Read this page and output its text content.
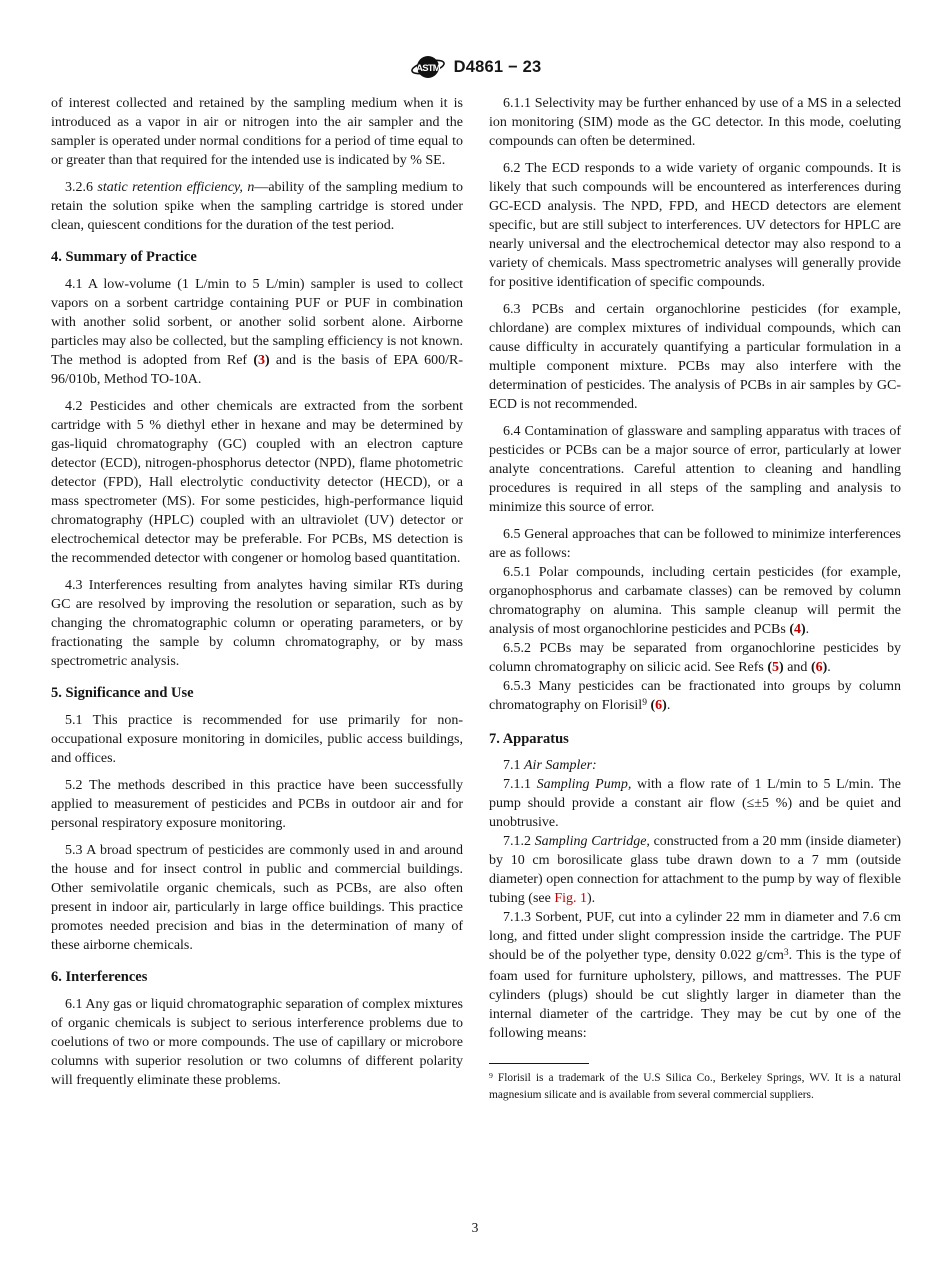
ASTM D4861 − 23

of interest collected and retained by the sampling medium when it is introduced as a vapor in air or nitrogen into the air sampler and the sampler is operated under normal conditions for a period of time equal to or greater than that required for the intended use is indicated by % SE.

3.2.6 static retention efficiency, n—ability of the sampling medium to retain the solution spike when the sampling cartridge is stored under clean, quiescent conditions for the duration of the test period.

4. Summary of Practice

4.1 A low-volume (1 L/min to 5 L/min) sampler is used to collect vapors on a sorbent cartridge containing PUF or PUF in combination with another solid sorbent, or another solid sorbent alone. Airborne particles may also be collected, but the sampling efficiency is not known. The method is adopted from Ref (3) and is the basis of EPA 600/R-96/010b, Method TO-10A.

4.2 Pesticides and other chemicals are extracted from the sorbent cartridge with 5 % diethyl ether in hexane and may be determined by gas-liquid chromatography (GC) coupled with an electron capture detector (ECD), nitrogen-phosphorus detector (NPD), flame photometric detector (FPD), Hall electrolytic conductivity detector (HECD), or a mass spectrometer (MS). For some pesticides, high-performance liquid chromatography (HPLC) coupled with an ultraviolet (UV) detector or electrochemical detector may be preferable. For PCBs, MS detection is the recommended detector with congener or homolog based quantitation.

4.3 Interferences resulting from analytes having similar RTs during GC are resolved by improving the resolution or separation, such as by changing the chromatographic column or operating parameters, or by fractionating the sample by column chromatography, or by mass spectrometric analysis.

5. Significance and Use

5.1 This practice is recommended for use primarily for non-occupational exposure monitoring in domiciles, public access buildings, and offices.

5.2 The methods described in this practice have been successfully applied to measurement of pesticides and PCBs in outdoor air and for personal respiratory exposure monitoring.

5.3 A broad spectrum of pesticides are commonly used in and around the house and for insect control in public and commercial buildings. Other semivolatile organic chemicals, such as PCBs, are also often present in indoor air, particularly in large office buildings. This practice promotes needed precision and bias in the determination of many of these airborne chemicals.

6. Interferences

6.1 Any gas or liquid chromatographic separation of complex mixtures of organic chemicals is subject to serious interference problems due to coelutions of two or more compounds. The use of capillary or microbore columns with superior resolution or two columns of different polarity will frequently eliminate these problems.

6.1.1 Selectivity may be further enhanced by use of a MS in a selected ion monitoring (SIM) mode as the GC detector. In this mode, coeluting compounds can often be determined.

6.2 The ECD responds to a wide variety of organic compounds. It is likely that such compounds will be encountered as interferences during GC-ECD analysis. The NPD, FPD, and HECD detectors are element specific, but are still subject to interferences. UV detectors for HPLC are nearly universal and the electrochemical detector may also respond to a variety of chemicals. Mass spectrometric analyses will generally provide for positive identification of specific compounds.

6.3 PCBs and certain organochlorine pesticides (for example, chlordane) are complex mixtures of individual compounds, which can cause difficulty in accurately quantifying a particular formulation in a multiple component mixture. PCBs may also interfere with the determination of pesticides. The analysis of PCBs in air samples by GC-ECD is not recommended.

6.4 Contamination of glassware and sampling apparatus with traces of pesticides or PCBs can be a major source of error, particularly at lower analyte concentrations. Careful attention to cleaning and handling procedures is required in all steps of the sampling and analysis to minimize this source of error.

6.5 General approaches that can be followed to minimize interferences are as follows:

6.5.1 Polar compounds, including certain pesticides (for example, organophosphorus and carbamate classes) can be removed by column chromatography on alumina. This sample cleanup will permit the analysis of most organochlorine pesticides and PCBs (4).

6.5.2 PCBs may be separated from organochlorine pesticides by column chromatography on silicic acid. See Refs (5) and (6).

6.5.3 Many pesticides can be fractionated into groups by column chromatography on Florisil$^9$ (6).

7. Apparatus

7.1 Air Sampler:

7.1.1 Sampling Pump, with a flow rate of 1 L/min to 5 L/min. The pump should provide a constant air flow (≤±5 %) and be quiet and unobtrusive.

7.1.2 Sampling Cartridge, constructed from a 20 mm (inside diameter) by 10 cm borosilicate glass tube drawn down to a 7 mm (outside diameter) open connection for attachment to the pump by way of flexible tubing (see Fig. 1).

7.1.3 Sorbent, PUF, cut into a cylinder 22 mm in diameter and 7.6 cm long, and fitted under slight compression inside the cartridge. The PUF should be of the polyether type, density 0.022 $g/cm^3$. This is the type of foam used for furniture upholstery, pillows, and mattresses. The PUF cylinders (plugs) should be cut slightly larger in diameter than the internal diameter of the cartridge. They may be cut by one of the following means:

$^9$ Florisil is a trademark of the U.S Silica Co., Berkeley Springs, WV. It is a natural magnesium silicate and is available from several commercial suppliers.
3
